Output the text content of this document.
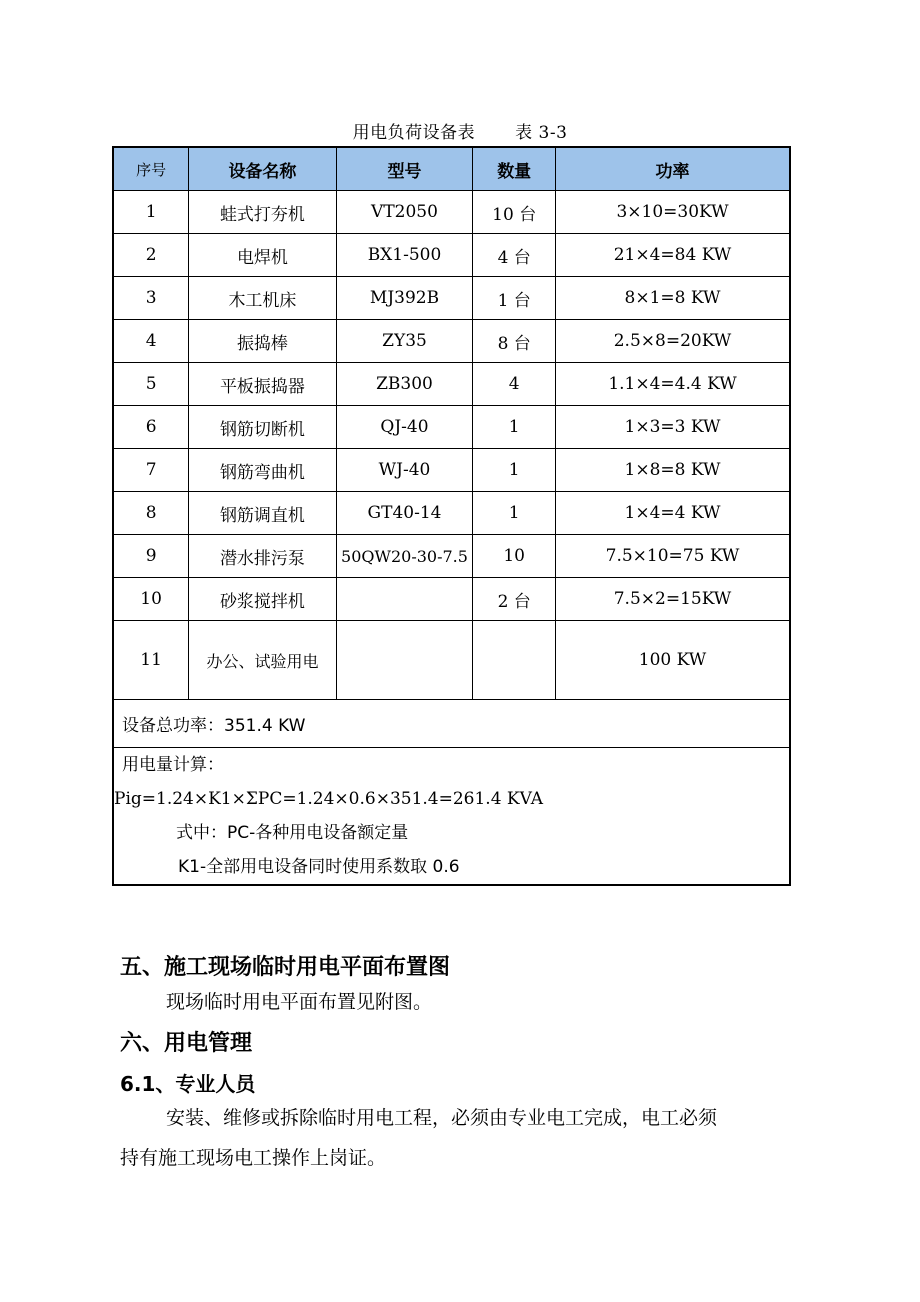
用电负荷设备表 表 3-3
序号	设备名称	型号	数量	功率
1	蛙式打夯机	VT2050	10 台	3×10=30KW
2	电焊机	BX1-500	4 台	21×4=84 KW
3	木工机床	MJ392B	1 台	8×1=8 KW
4	振捣棒	ZY35	8 台	2.5×8=20KW
5	平板振捣器	ZB300	4	1.1×4=4.4 KW
6	钢筋切断机	QJ-40	1	1×3=3 KW
7	钢筋弯曲机	WJ-40	1	1×8=8 KW
8	钢筋调直机	GT40-14	1	1×4=4 KW
9	潜水排污泵	50QW20-30-7.5	10	7.5×10=75 KW
10	砂浆搅拌机		2 台	7.5×2=15KW
11	办公、试验用电			100 KW
设备总功率：351.4 KW				

用电量计算：
Pig=1.24×K1×ΣPC=1.24×0.6×351.4=261.4 KVA
式中：PC-各种用电设备额定量
K1-全部用电设备同时使用系数取 0.6				
五、施工现场临时用电平面布置图

现场临时用电平面布置见附图。

六、用电管理
6.1、专业人员

安装、维修或拆除临时用电工程，必须由专业电工完成，电工必须

持有施工现场电工操作上岗证。
